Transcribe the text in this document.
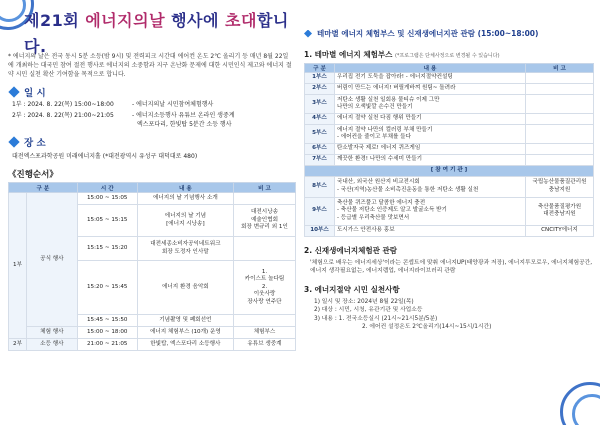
제21회 에너지의날 행사에 초대합니다.

* 에너지의 날은 전국 동시 5분 소등(밤 9시) 및 전력피크 시간대 에어컨 온도 2℃ 올리기 등 매년 8월 22일에 개최하는 대국민 참여 절전 행사로 에너지의 소중함과 지구 온난화 문제에 대한 시민인식 제고와 에너지 절약 시민 실천 확산 기여함을 목적으로 합니다.

일 시
1부 : 2024. 8. 22(목) 15:00~18:00	- 에너지의날 시민참여체험행사
2부 : 2024. 8. 22(목) 21:00~21:05	- 에너지소등행사 유튜브 온라인 생중계
엑스포다리, 한빛탑 5분간 소등 행사
장 소
대전엑스포과학공원 미래에너지홀 (*대전광역시 유성구 대덕대로 480)
《진행순서》
구 분		시 간	내 용	비 고
1부	공식 행사	15:00 ~ 15:05	에너지의 날 기념행사 소개	
		15:05 ~ 15:15	에너지의 날 기념
[에너지 시낭송]	대전시낭송
예술인협회
회장 변규리 외 1인
		15:15 ~ 15:20	대전세종소비자공익네트워크
회장 도정자 인사말	
		15:20 ~ 15:45	에너지 환경 음악회	1.
카이스트 놀다팀
2.
이웃사랑
장사랑 연주단
		15:45 ~ 15:50	기념촬영 및 폐회선언	
	체험 행사	15:00 ~ 18:00	에너지 체험부스 (10개) 운영	체험부스
2부	소등 행사	21:00 ~ 21:05	한빛탑, 엑스포다리 소등행사	유튜브 생중계
테마별 에너지 체험부스 및 신재생에너지관 관람 (15:00~18:00)
1. 테마별 에너지 체험부스 (*프로그램은 단체사정으로 변경될 수 있습니다)
구 분	내 용	비 고
1부스	우리집 전기 도둑을 잡아라! - 에너지절약컨설팅	
2부스	버림이 만드는 에너지! 버릴게바껴 원팀~ 돌려라	
3부스	저탄소 생활 실천 일회용 물티슈 이제 그만
나만의 오색빛깔 손수건 만들기	
4부스	에너지 절약 실천 다짐 행위 만들기	
5부스	에너지 절약 나만의 컬러링 부채 만들기
- 에어컨을 줄이고 부채를 들다	
6부스	탄소발자국 제로! 에너지 퀴즈게임	
7부스	깨끗한 환경! 나만의 수세미 만들기	
[ 참 여 기 관 ]		
8부스	국내산, 외국산 원산지 비교전시회
- 국산(지역)농산물 소비촉진운동을 통한 저탄소 생활 실천	국립농산물품질관리원
충남지원
9부스	축산물 퀴즈풀고 달콤한 에너지 충전
- 축산물 저탄소 인증제도 알고 발굴소득 받기
- 등급별 우리축산물 맛보면서	축산물품질평가원
대전충남지원
10부스	도시가스 안전사용 홍보	CNCITY에너지
2. 신재생에너지체험관 관람

'체험으로 배우는 에너지세상'이라는 콘셉트에 맞춰 에너지UP(태양광과 저장), 에너지투모로우, 에너지체험공간, 에너지 생각필요없는, 에너지랩업, 에너지라이브러리 관람

3. 에너지절약 시민 실천사항
1) 일시 및 장소: 2024년 8월 22일(목)
2) 대상 : 시민, 시청, 유관기관 및 사업소등
3) 내용 : 1. 전국소등실시 (21시~21시5분/5분)
2. 에어컨 설정온도 2℃올리기(14시~15시/1시간)
